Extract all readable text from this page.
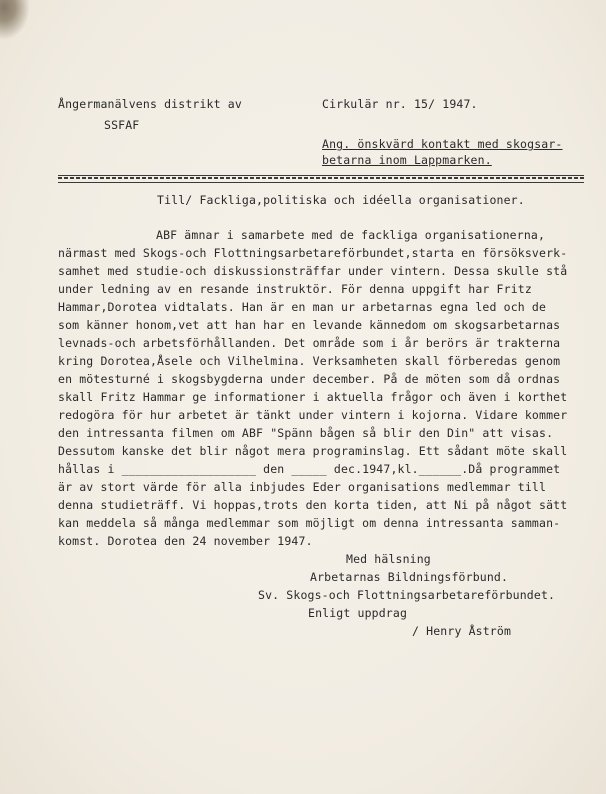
Ångermanälvens distrikt av
SSFAF
Cirkulär nr. 15/ 1947.
Ang. önskvärd kontakt med skogsar-
betarna inom Lappmarken.
Till/ Fackliga,politiska och idéella organisationer.
ABF ämnar i samarbete med de fackliga organisationerna,
närmast med Skogs-och Flottningsarbetareförbundet,starta en försöksverk-
samhet med studie-och diskussionsträffar under vintern. Dessa skulle stå
under ledning av en resande instruktör. För denna uppgift har Fritz
Hammar,Dorotea vidtalats. Han är en man ur arbetarnas egna led och de
som känner honom,vet att han har en levande kännedom om skogsarbetarnas
levnads-och arbetsförhållanden. Det område som i år berörs är trakterna
kring Dorotea,Åsele och Vilhelmina. Verksamheten skall förberedas genom
en mötesturné i skogsbygderna under december. På de möten som då ordnas
skall Fritz Hammar ge informationer i aktuella frågor och även i korthet
redogöra för hur arbetet är tänkt under vintern i kojorna. Vidare kommer
den intressanta filmen om ABF "Spänn bågen så blir den Din" att visas.
Dessutom kanske det blir något mera programinslag. Ett sådant möte skall
hållas i ___________________ den _____ dec.1947,kl.______.Då programmet
är av stort värde för alla inbjudes Eder organisations medlemmar till
denna studieträff. Vi hoppas,trots den korta tiden, att Ni på något sätt
kan meddela så många medlemmar som möjligt om denna intressanta samman-
komst. Dorotea den 24 november 1947.
Med hälsning
Arbetarnas Bildningsförbund.
Sv. Skogs-och Flottningsarbetareförbundet.
Enligt uppdrag
/ Henry Åström
